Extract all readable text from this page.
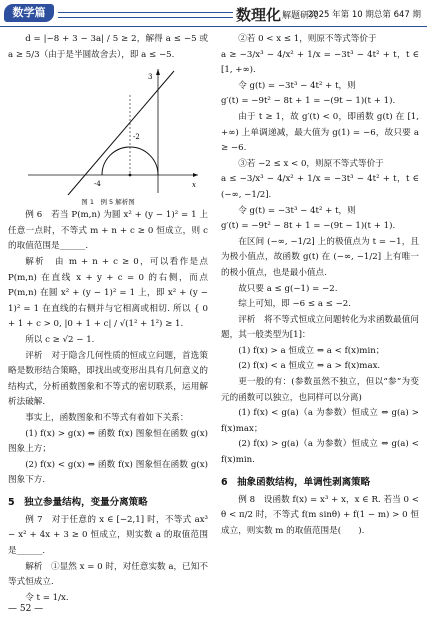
数学篇	数理化 解题研究
2025 年第 10 期总第 647 期

d = |−8 + 3 − 3a| / 5 ≥ 2，解得 a ≤ −5 或 a ≥ 5/3（由于是半圆故舍去），即 a ≤ −5.

3
-4
-2
x

图 1　例 5 解析图

例 6　若当 P(m,n) 为圆 x² + (y − 1)² = 1 上任意一点时，不等式 m + n + c ≥ 0 恒成立，则 c 的取值范围是______.

解析　由 m + n + c ≥ 0，可以看作是点 P(m,n) 在直线 x + y + c = 0 的右侧，而点 P(m,n) 在圆 x² + (y − 1)² = 1 上，即 x² + (y − 1)² = 1 在直线的右侧并与它相离或相切. 所以 { 0 + 1 + c > 0, |0 + 1 + c| / √(1² + 1²) ≥ 1.

所以 c ≥ √2 − 1.

评析　对于隐含几何性质的恒成立问题，首选策略是数形结合策略，即找出或变形出具有几何意义的结构式，分析函数图象和不等式的密切联系，运用解析法破解.

事实上，函数图象和不等式有着如下关系：

(1) f(x) > g(x) ⇔ 函数 f(x) 图象恒在函数 g(x) 图象上方；

(2) f(x) < g(x) ⇔ 函数 f(x) 图象恒在函数 g(x) 图象下方.

5　独立参量结构，变量分离策略

例 7　对于任意的 x ∈ [−2,1] 时，不等式 ax³ − x² + 4x + 3 ≥ 0 恒成立，则实数 a 的取值范围是______.

解析　①显然 x = 0 时，对任意实数 a，已知不等式恒成立.

令 t = 1/x.

②若 0 < x ≤ 1，则原不等式等价于

a ≥ −3/x³ − 4/x² + 1/x = −3t³ − 4t² + t，t ∈ [1, +∞).

令 g(t) = −3t³ − 4t² + t，则

g′(t) = −9t² − 8t + 1 = −(9t − 1)(t + 1).

由于 t ≥ 1，故 g′(t) < 0，即函数 g(t) 在 [1, +∞) 上单调递减，最大值为 g(1) = −6，故只要 a ≥ −6.

③若 −2 ≤ x < 0，则原不等式等价于

a ≤ −3/x³ − 4/x² + 1/x = −3t³ − 4t² + t，t ∈ (−∞, −1/2].

令 g(t) = −3t³ − 4t² + t，则

g′(t) = −9t² − 8t + 1 = −(9t − 1)(t + 1).

在区间 (−∞, −1/2] 上的极值点为 t = −1，且为极小值点，故函数 g(t) 在 (−∞, −1/2] 上有唯一的极小值点，也是最小值点.

故只要 a ≤ g(−1) = −2.

综上可知，即 −6 ≤ a ≤ −2.

评析　将不等式恒成立问题转化为求函数最值问题，其一般类型为[1]：

(1) f(x) > a 恒成立 ⇔ a < f(x)min；

(2) f(x) < a 恒成立 ⇔ a > f(x)max.

更一般的有：(参数虽然不独立，但以“参”为变元的函数可以独立，也同样可以分离)

(1) f(x) < g(a)（a 为参数）恒成立 ⇔ g(a) > f(x)max；

(2) f(x) > g(a)（a 为参数）恒成立 ⇔ g(a) < f(x)min.

6　抽象函数结构，单调性剥离策略

例 8　设函数 f(x) = x³ + x，x ∈ R. 若当 0 < θ < π/2 时，不等式 f(m sinθ) + f(1 − m) > 0 恒成立，则实数 m 的取值范围是(　　).

— 52 —
